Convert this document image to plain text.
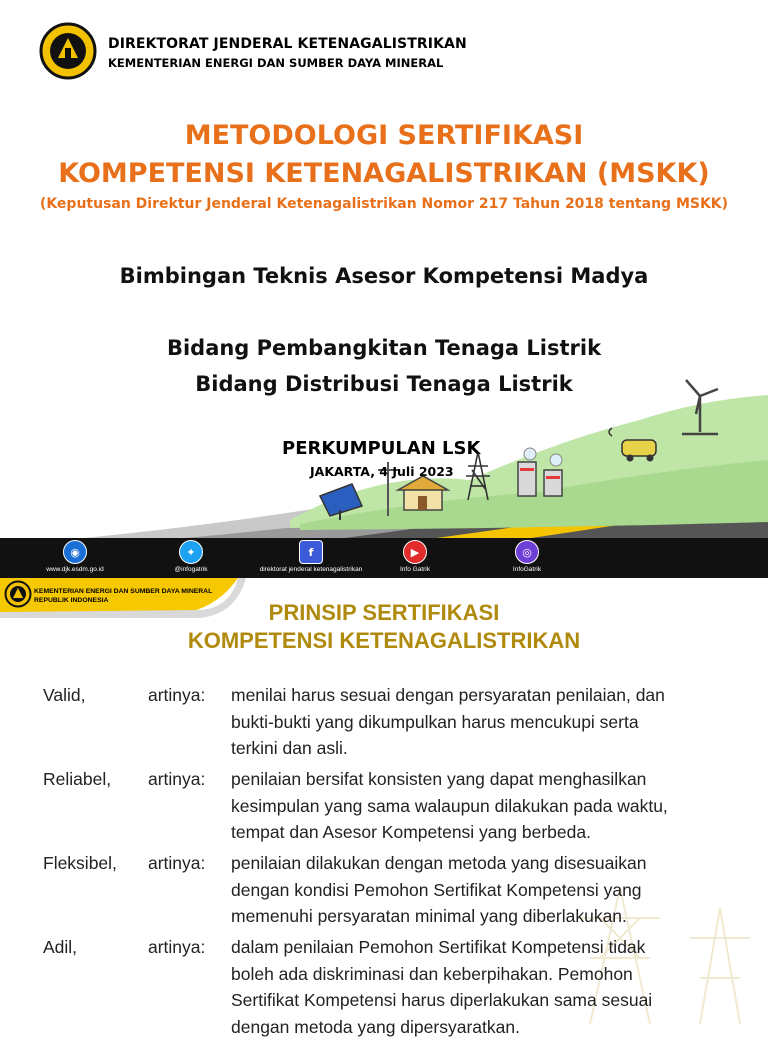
DIREKTORAT JENDERAL KETENAGALISTRIKAN
KEMENTERIAN ENERGI DAN SUMBER DAYA MINERAL
METODOLOGI SERTIFIKASI
KOMPETENSI KETENAGALISTRIKAN (MSKK)
(Keputusan Direktur Jenderal Ketenagalistrikan Nomor 217 Tahun 2018 tentang MSKK)
Bimbingan Teknis Asesor Kompetensi Madya
Bidang Pembangkitan Tenaga Listrik
Bidang Distribusi Tenaga Listrik
PERKUMPULAN LSK
JAKARTA, 4 Juli 2023
◉
www.djk.esdm.go.id
✦
@infogatrik
f
direktorat jenderal ketenagalistrikan
▶
Info Gatrik
◎
InfoGatrik
KEMENTERIAN ENERGI DAN SUMBER DAYA MINERAL
REPUBLIK INDONESIA	PRINSIP SERTIFIKASI
KOMPETENSI KETENAGALISTRIKAN
Valid,	artinya: menilai harus sesuai dengan persyaratan penilaian, dan
bukti-bukti yang dikumpulkan harus mencukupi serta
terkini dan asli.
Reliabel, artinya: penilaian bersifat konsisten yang dapat menghasilkan
kesimpulan yang sama walaupun dilakukan pada waktu,
tempat dan Asesor Kompetensi yang berbeda.
Fleksibel, artinya: penilaian dilakukan dengan metoda yang disesuaikan
dengan kondisi Pemohon Sertifikat Kompetensi yang
memenuhi persyaratan minimal yang diberlakukan.
Adil,	artinya: dalam penilaian Pemohon Sertifikat Kompetensi tidak
boleh ada diskriminasi dan keberpihakan. Pemohon
Sertifikat Kompetensi harus diperlakukan sama sesuai
dengan metoda yang dipersyaratkan.
